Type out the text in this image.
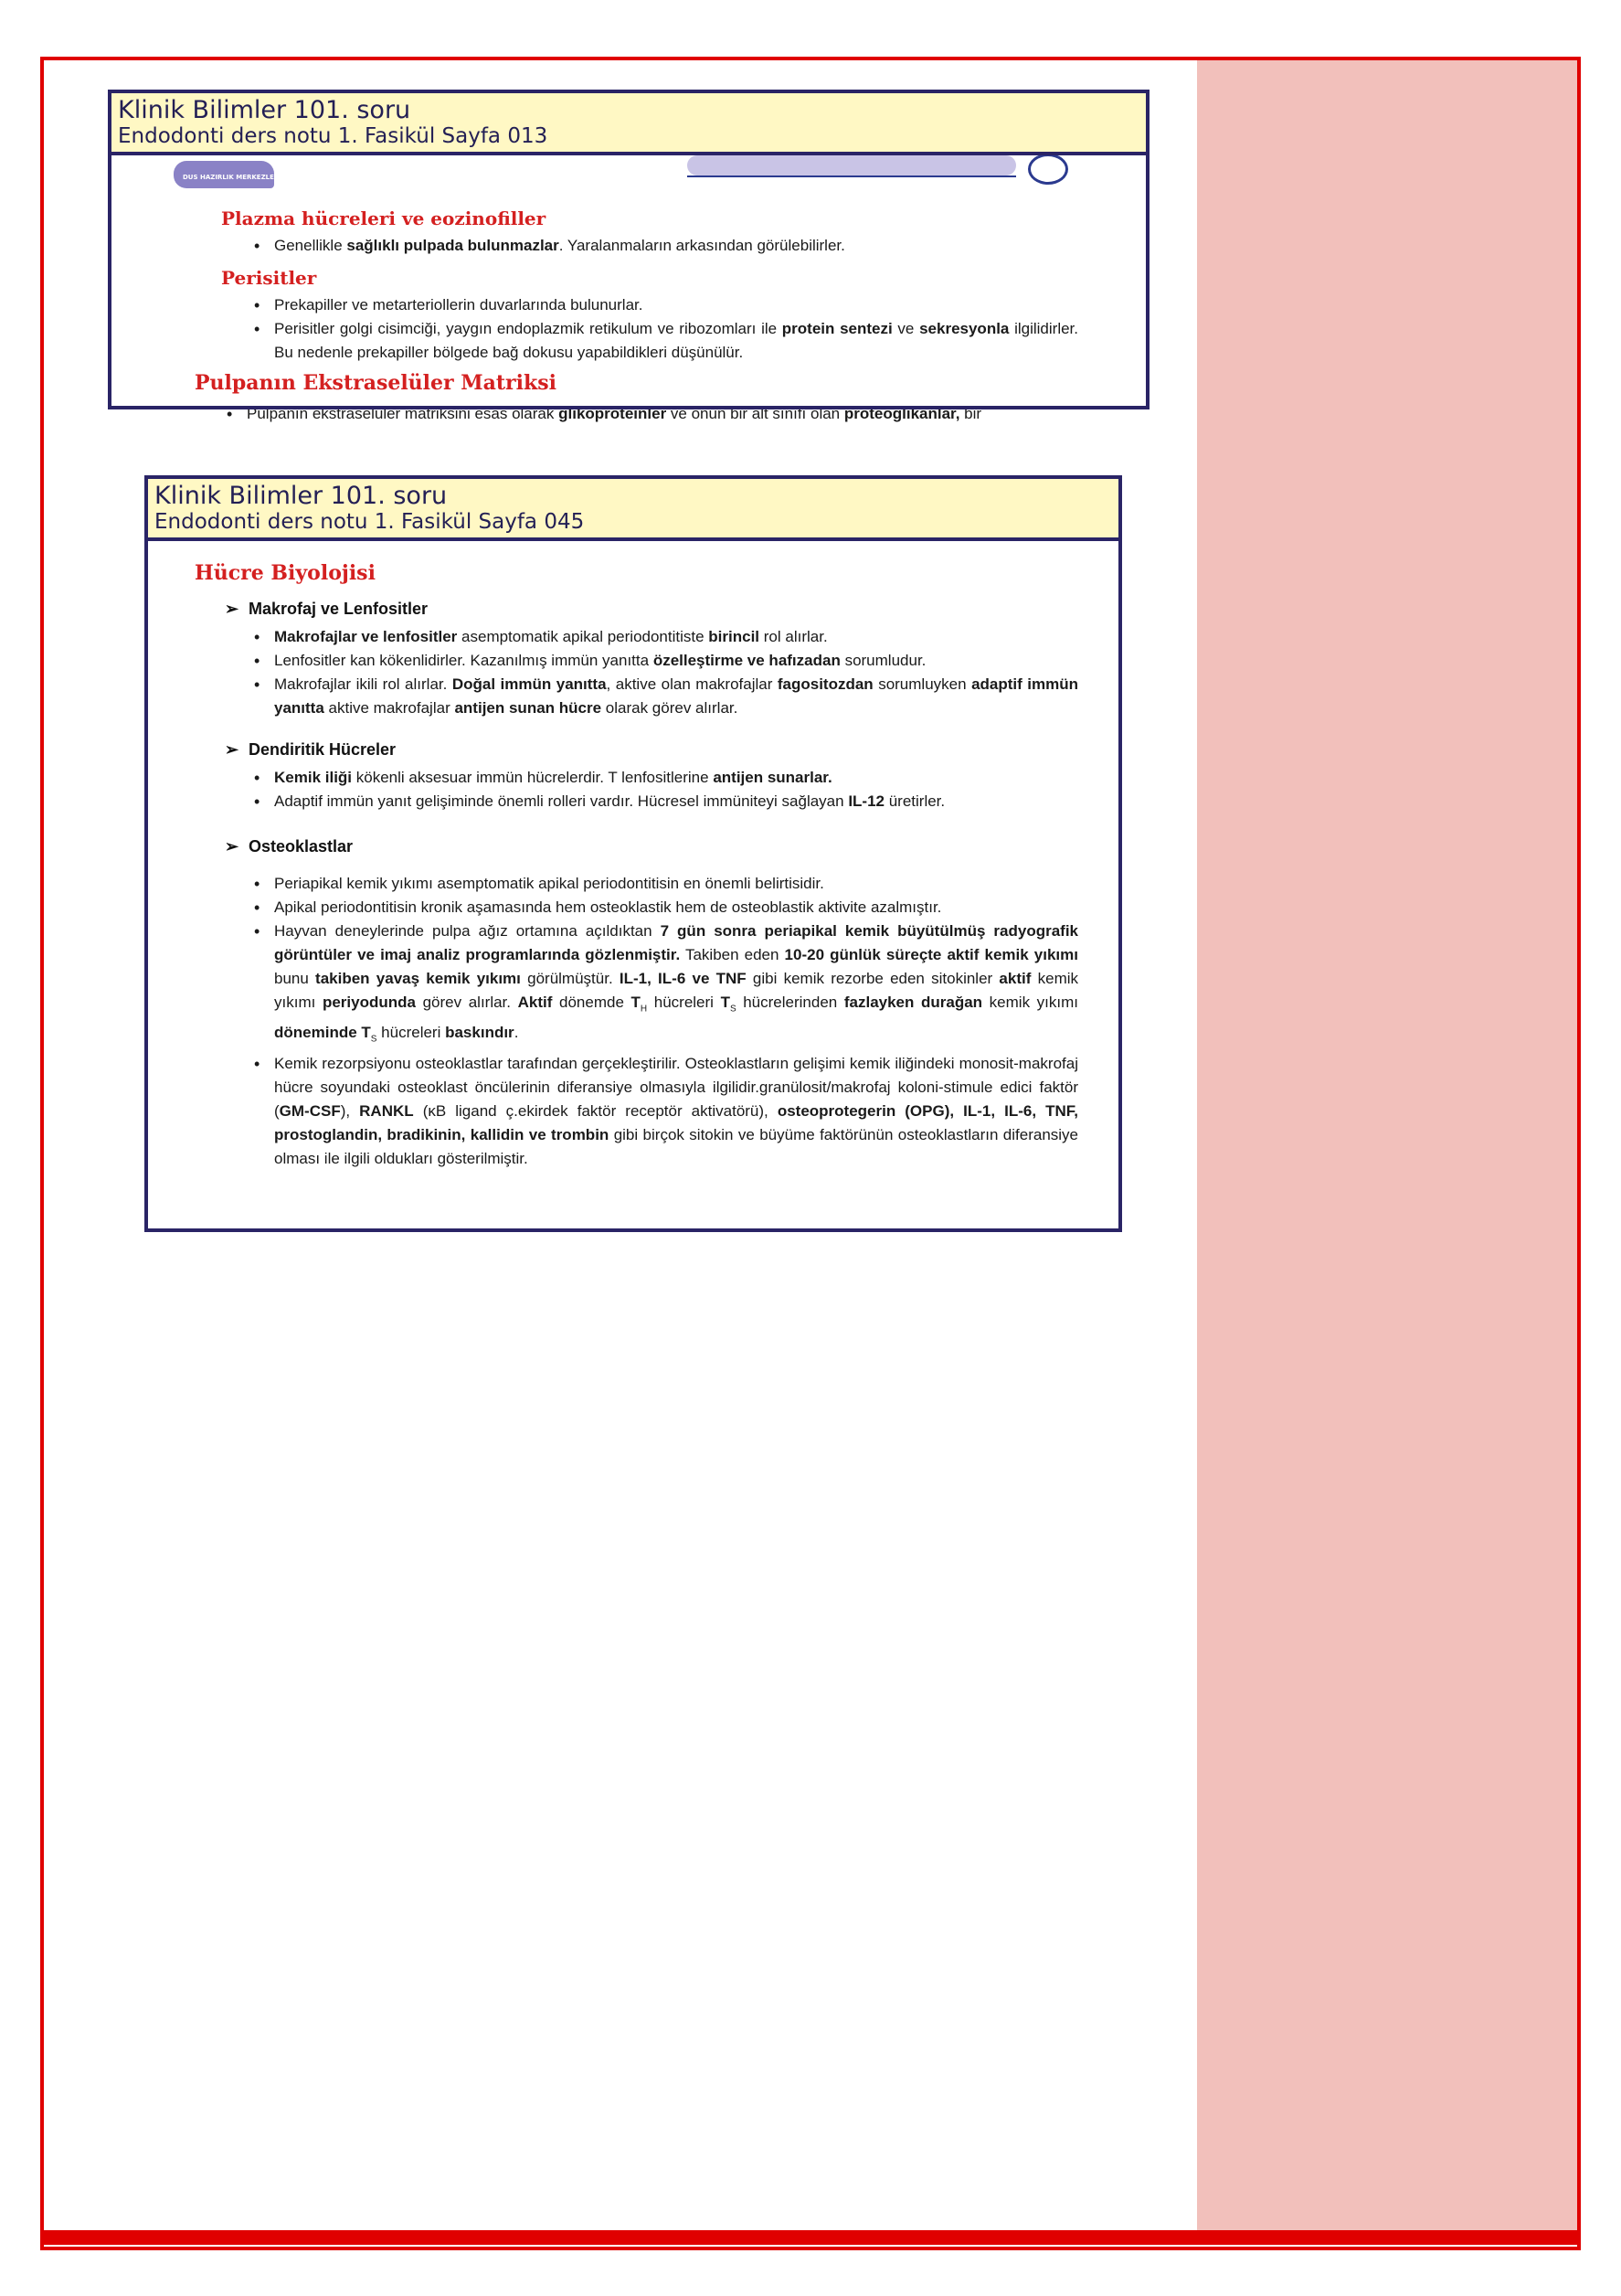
DUS HAZIRLIK MERKEZLERİ
Plazma hücreleri ve eozinofiller
• Genellikle sağlıklı pulpada bulunmazlar. Yaralanmaların arkasından görülebilirler.
Perisitler
• Prekapiller ve metarteriollerin duvarlarında bulunurlar.
• Perisitler golgi cisimciği, yaygın endoplazmik retikulum ve ribozomları ile protein sentezi ve sekresyonla ilgilidirler. Bu nedenle prekapiller bölgede bağ dokusu yapabildikleri düşünülür.
Pulpanın Ekstraselüler Matriksi
• Pulpanın ekstraselüler matriksini esas olarak glikoproteinler ve onun bir alt sınıfı olan proteoglikanlar, bir
Klinik Bilimler 101. soru
Endodonti ders notu 1. Fasikül Sayfa 013
Klinik Bilimler 101. soru
Endodonti ders notu 1. Fasikül Sayfa 045
Hücre Biyolojisi
➢ Makrofaj ve Lenfositler
• Makrofajlar ve lenfositler asemptomatik apikal periodontitiste birincil rol alırlar.
• Lenfositler kan kökenlidirler. Kazanılmış immün yanıtta özelleştirme ve hafızadan sorumludur.
• Makrofajlar ikili rol alırlar. Doğal immün yanıtta, aktive olan makrofajlar fagositozdan sorumluyken adaptif immün yanıtta aktive makrofajlar antijen sunan hücre olarak görev alırlar.
➢ Dendiritik Hücreler
• Kemik iliği kökenli aksesuar immün hücrelerdir. T lenfositlerine antijen sunarlar.
• Adaptif immün yanıt gelişiminde önemli rolleri vardır. Hücresel immüniteyi sağlayan IL-12 üretirler.
➢ Osteoklastlar
• Periapikal kemik yıkımı asemptomatik apikal periodontitisin en önemli belirtisidir.
• Apikal periodontitisin kronik aşamasında hem osteoklastik hem de osteoblastik aktivite azalmıştır.
• Hayvan deneylerinde pulpa ağız ortamına açıldıktan 7 gün sonra periapikal kemik büyütülmüş radyografik görüntüler ve imaj analiz programlarında gözlenmiştir. Takiben eden 10-20 günlük süreçte aktif kemik yıkımı bunu takiben yavaş kemik yıkımı görülmüştür. IL-1, IL-6 ve TNF gibi kemik rezorbe eden sitokinler aktif kemik yıkımı periyodunda görev alırlar. Aktif dönemde $T_H$ hücreleri $T_S$ hücrelerinden fazlayken durağan kemik yıkımı döneminde $T_S$ hücreleri baskındır.
• Kemik rezorpsiyonu osteoklastlar tarafından gerçekleştirilir. Osteoklastların gelişimi kemik iliğindeki monosit-makrofaj hücre soyundaki osteoklast öncülerinin diferansiye olmasıyla ilgilidir.granülosit/makrofaj koloni-stimule edici faktör (GM-CSF), RANKL (κB ligand ç.ekirdek faktör receptör aktivatörü), osteoprotegerin (OPG), IL-1, IL-6, TNF, prostoglandin, bradikinin, kallidin ve trombin gibi birçok sitokin ve büyüme faktörünün osteoklastların diferansiye olması ile ilgili oldukları gösterilmiştir.
